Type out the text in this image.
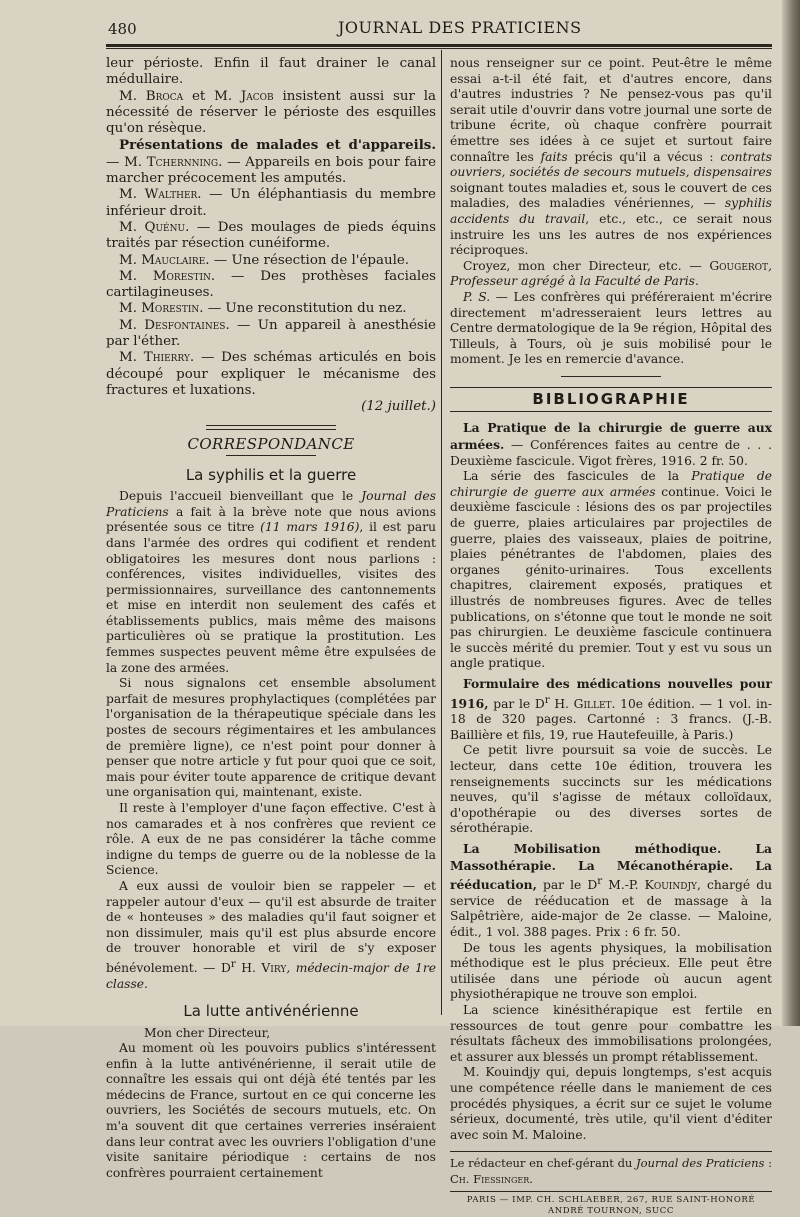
480	JOURNAL DES PRATICIENS

leur périoste. Enfin il faut drainer le canal médullaire.

M. Broca et M. Jacob insistent aussi sur la nécessité de réserver le périoste des esquilles qu'on résèque.

Présentations de malades et d'appareils. — M. Tchernning. — Appareils en bois pour faire marcher précocement les amputés.

M. Walther. — Un éléphantiasis du membre inférieur droit.

M. Quénu. — Des moulages de pieds équins traités par résection cunéiforme.

M. Mauclaire. — Une résection de l'épaule.

M. Morestin. — Des prothèses faciales cartilagineuses.

M. Morestin. — Une reconstitution du nez.

M. Desfontaines. — Un appareil à anesthésie par l'éther.

M. Thierry. — Des schémas articulés en bois découpé pour expliquer le mécanisme des fractures et luxations.

(12 juillet.)

CORRESPONDANCE
La syphilis et la guerre

Depuis l'accueil bienveillant que le Journal des Praticiens a fait à la brève note que nous avions présentée sous ce titre (11 mars 1916), il est paru dans l'armée des ordres qui codifient et rendent obligatoires les mesures dont nous parlions : conférences, visites individuelles, visites des permissionnaires, surveillance des cantonnements et mise en interdit non seulement des cafés et établissements publics, mais même des maisons particulières où se pratique la prostitution. Les femmes suspectes peuvent même être expulsées de la zone des armées.

Si nous signalons cet ensemble absolument parfait de mesures prophylactiques (complétées par l'organisation de la thérapeutique spéciale dans les postes de secours régimentaires et les ambulances de première ligne), ce n'est point pour donner à penser que notre article y fut pour quoi que ce soit, mais pour éviter toute apparence de critique devant une organisation qui, maintenant, existe.

Il reste à l'employer d'une façon effective. C'est à nos camarades et à nos confrères que revient ce rôle. A eux de ne pas considérer la tâche comme indigne du temps de guerre ou de la noblesse de la Science.

A eux aussi de vouloir bien se rappeler — et rappeler autour d'eux — qu'il est absurde de traiter de « honteuses » des maladies qu'il faut soigner et non dissimuler, mais qu'il est plus absurde encore de trouver honorable et viril de s'y exposer bénévolement. — $D^r$ H. Viry, médecin-major de 1re classe.

La lutte antivénérienne

Mon cher Directeur,

Au moment où les pouvoirs publics s'intéressent enfin à la lutte antivénérienne, il serait utile de connaître les essais qui ont déjà été tentés par les médecins de France, surtout en ce qui concerne les ouvriers, les Sociétés de secours mutuels, etc. On m'a souvent dit que certaines verreries inséraient dans leur contrat avec les ouvriers l'obligation d'une visite sanitaire périodique : certains de nos confrères pourraient certainement

nous renseigner sur ce point. Peut-être le même essai a-t-il été fait, et d'autres encore, dans d'autres industries ? Ne pensez-vous pas qu'il serait utile d'ouvrir dans votre journal une sorte de tribune écrite, où chaque confrère pourrait émettre ses idées à ce sujet et surtout faire connaître les faits précis qu'il a vécus : contrats ouvriers, sociétés de secours mutuels, dispensaires soignant toutes maladies et, sous le couvert de ces maladies, des maladies vénériennes, — syphilis accidents du travail, etc., etc., ce serait nous instruire les uns les autres de nos expériences réciproques.

Croyez, mon cher Directeur, etc. — Gougerot, Professeur agrégé à la Faculté de Paris.

P. S. — Les confrères qui préféreraient m'écrire directement m'adresseraient leurs lettres au Centre dermatologique de la 9e région, Hôpital des Tilleuls, à Tours, où je suis mobilisé pour le moment. Je les en remercie d'avance.

BIBLIOGRAPHIE

La Pratique de la chirurgie de guerre aux armées. — Conférences faites au centre de . . . Deuxième fascicule. Vigot frères, 1916. 2 fr. 50.

La série des fascicules de la Pratique de chirurgie de guerre aux armées continue. Voici le deuxième fascicule : lésions des os par projectiles de guerre, plaies articulaires par projectiles de guerre, plaies des vaisseaux, plaies de poitrine, plaies pénétrantes de l'abdomen, plaies des organes génito-urinaires. Tous excellents chapitres, clairement exposés, pratiques et illustrés de nombreuses figures. Avec de telles publications, on s'étonne que tout le monde ne soit pas chirurgien. Le deuxième fascicule continuera le succès mérité du premier. Tout y est vu sous un angle pratique.

Formulaire des médications nouvelles pour 1916, par le $D^r$ H. Gillet. 10e édition. — 1 vol. in-18 de 320 pages. Cartonné : 3 francs. (J.-B. Baillière et fils, 19, rue Hautefeuille, à Paris.)

Ce petit livre poursuit sa voie de succès. Le lecteur, dans cette 10e édition, trouvera les renseignements succincts sur les médications neuves, qu'il s'agisse de métaux colloïdaux, d'opothérapie ou des diverses sortes de sérothérapie.

La Mobilisation méthodique. La Massothérapie. La Mécanothérapie. La rééducation, par le $D^r$ M.-P. Kouindjy, chargé du service de rééducation et de massage à la Salpêtrière, aide-major de 2e classe. — Maloine, édit., 1 vol. 388 pages. Prix : 6 fr. 50.

De tous les agents physiques, la mobilisation méthodique est le plus précieux. Elle peut être utilisée dans une période où aucun agent physiothérapique ne trouve son emploi.

La science kinésithérapique est fertile en ressources de tout genre pour combattre les résultats fâcheux des immobilisations prolongées, et assurer aux blessés un prompt rétablissement.

M. Kouindjy qui, depuis longtemps, s'est acquis une compétence réelle dans le maniement de ces procédés physiques, a écrit sur ce sujet le volume sérieux, documenté, très utile, qu'il vient d'éditer avec soin M. Maloine.

Le rédacteur en chef-gérant du Journal des Praticiens : Ch. Fiessinger.

PARIS — IMP. CH. SCHLAEBER, 267, RUE SAINT-HONORÉ
ANDRÉ TOURNON, SUCC
